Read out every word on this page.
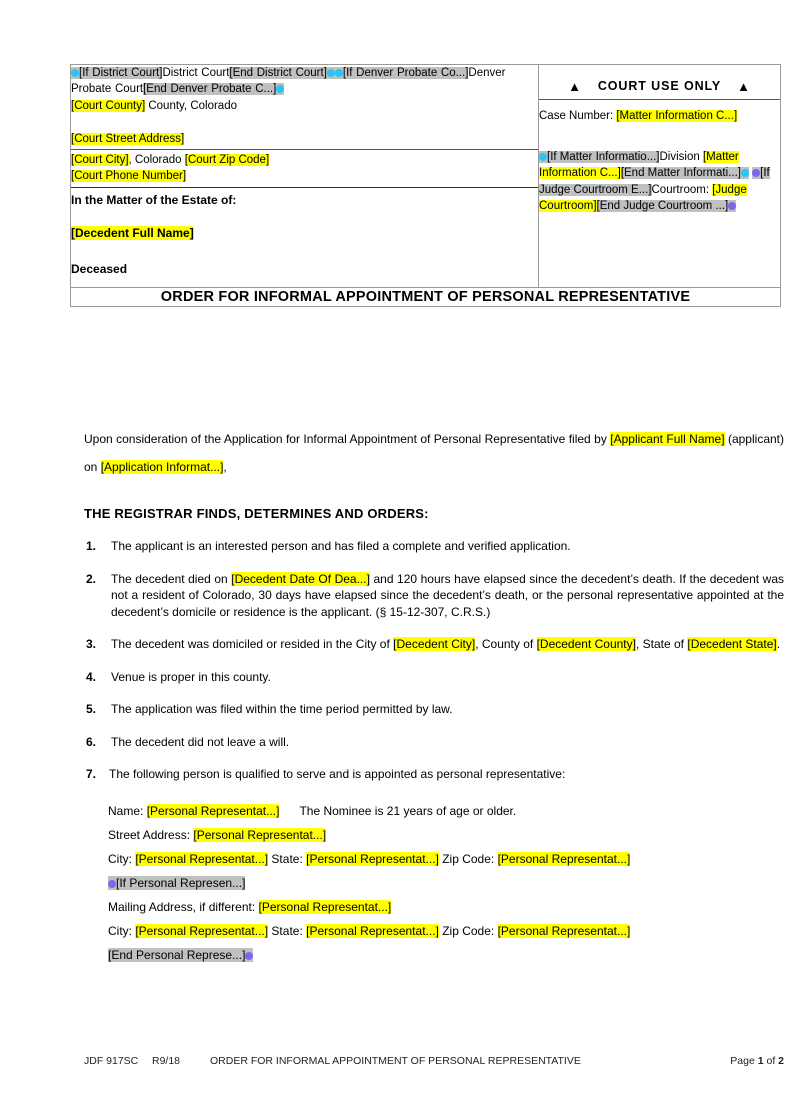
[If District Court]District Court[End District Court] [If Denver Probate Co...]Denver Probate Court[End Denver Probate C...]
[Court County] County, Colorado
[Court Street Address]
[Court City], Colorado [Court Zip Code]
[Court Phone Number]
In the Matter of the Estate of:
[Decedent Full Name]
Deceased

▲ COURT USE ONLY ▲
Case Number: [Matter Information C...]
[If Matter Informatio...]Division [Matter Information C...][End Matter Informati...] [If Judge Courtroom E...]Courtroom: [Judge Courtroom][End Judge Courtroom ...]

ORDER FOR INFORMAL APPOINTMENT OF PERSONAL REPRESENTATIVE
Upon consideration of the Application for Informal Appointment of Personal Representative filed by [Applicant Full Name] (applicant) on [Application Informat...],
THE REGISTRAR FINDS, DETERMINES AND ORDERS:
1. The applicant is an interested person and has filed a complete and verified application.
2. The decedent died on [Decedent Date Of Dea...] and 120 hours have elapsed since the decedent’s death. If the decedent was not a resident of Colorado, 30 days have elapsed since the decedent’s death, or the personal representative appointed at the decedent’s domicile or residence is the applicant. (§ 15-12-307, C.R.S.)
3. The decedent was domiciled or resided in the City of [Decedent City], County of [Decedent County], State of [Decedent State].
4. Venue is proper in this county.
5. The application was filed within the time period permitted by law.
6. The decedent did not leave a will.
7. The following person is qualified to serve and is appointed as personal representative:
Name: [Personal Representat...] The Nominee is 21 years of age or older.
Street Address: [Personal Representat...]
City: [Personal Representat...] State: [Personal Representat...] Zip Code: [Personal Representat...]
[If Personal Represen...]
Mailing Address, if different: [Personal Representat...]
City: [Personal Representat...] State: [Personal Representat...] Zip Code: [Personal Representat...]
[End Personal Represe...]
JDF 917SC	R9/18	ORDER FOR INFORMAL APPOINTMENT OF PERSONAL REPRESENTATIVE	Page 1 of 2
